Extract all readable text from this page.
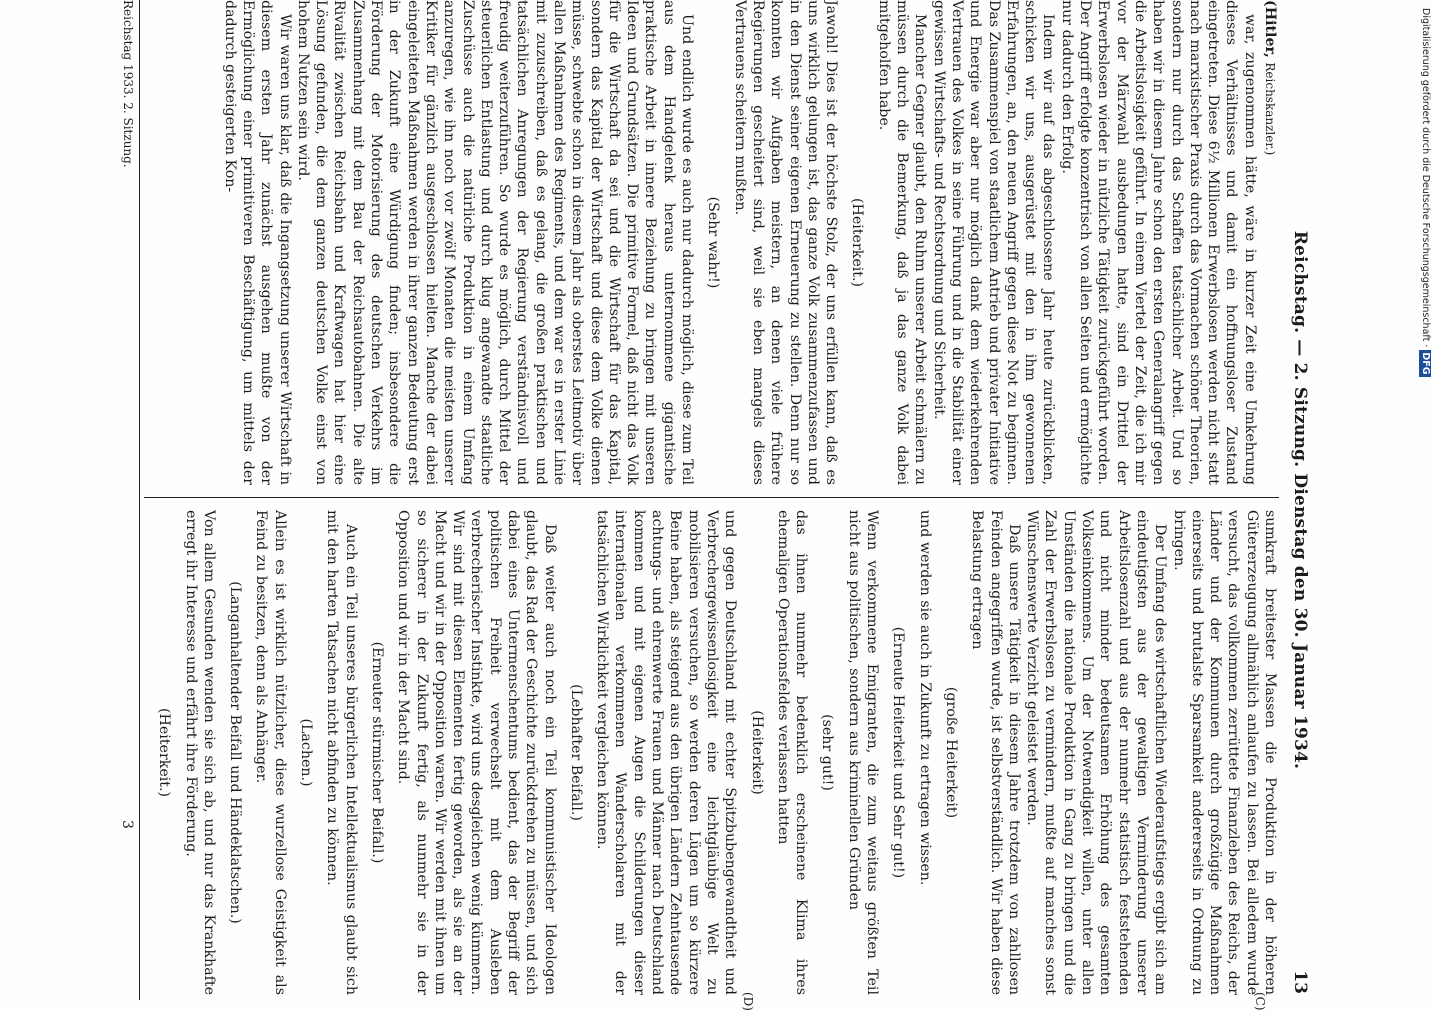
Reichstag. — 2. Sitzung. Dienstag den 30. Januar 1934.
13
(Hitler, Reichskanzler.)

war, zugenommen hätte, wäre in kurzer Zeit eine Umkehrung dieses Verhältnisses und damit ein hoffnungsloser Zustand eingetreten. Diese 6½ Millionen Erwerbslosen werden nicht statt nach marxistischer Praxis durch das Vormachen schöner Theorien, sondern nur durch das Schaffen tatsächlicher Arbeit. Und so haben wir in diesem Jahre schon den ersten Generalangriff gegen die Arbeitslosigkeit geführt. In einem Viertel der Zeit, die ich mir vor der Märzwahl ausbedungen hatte, sind ein Drittel der Erwerbslosen wieder in nützliche Tätigkeit zurückgeführt worden. Der Angriff erfolgte konzentrisch von allen Seiten und ermöglichte nur dadurch den Erfolg.

Indem wir auf das abgeschlossene Jahr heute zurückblicken, schicken wir uns, ausgerüstet mit den in ihm gewonnenen Erfahrungen, an, den neuen Angriff gegen diese Not zu beginnen. Das Zusammenspiel von staatlichem Antrieb und privater Initiative und Energie war aber nur möglich dank dem wiederkehrenden Vertrauen des Volkes in seine Führung und in die Stabilität einer gewissen Wirtschafts- und Rechtsordnung und Sicherheit.

Mancher Gegner glaubt, den Ruhm unserer Arbeit schmälern zu müssen durch die Bemerkung, daß ja das ganze Volk dabei mitgeholfen habe.

(Heiterkeit.)

Jawohl! Dies ist der höchste Stolz, der uns erfüllen kann, daß es uns wirklich gelungen ist, das ganze Volk zusammenzufassen und in den Dienst seiner eigenen Erneuerung zu stellen. Denn nur so konnten wir Aufgaben meistern, an denen viele frühere Regierungen gescheitert sind, weil sie eben mangels dieses Vertrauens scheitern mußten.

(Sehr wahr!)

Und endlich wurde es auch nur dadurch möglich, diese zum Teil aus dem Handgelenk heraus unternommene gigantische praktische Arbeit in innere Beziehung zu bringen mit unseren Ideen und Grundsätzen. Die primitive Formel, daß nicht das Volk für die Wirtschaft da sei und die Wirtschaft für das Kapital, sondern das Kapital der Wirtschaft und diese dem Volke dienen müsse, schwebte schon in diesem Jahr als oberstes Leitmotiv über allen Maßnahmen des Regiments, und dem war es in erster Linie mit zuzuschreiben, daß es gelang, die großen praktischen und tatsächlichen Anregungen der Regierung verständnisvoll und freudig weiterzuführen. So wurde es möglich, durch Mittel der steuerlichen Entlastung und durch klug angewandte staatliche Zuschüsse auch die natürliche Produktion in einem Umfang anzuregen, wie ihn noch vor zwölf Monaten die meisten unserer Kritiker für gänzlich ausgeschlossen hielten. Manche der dabei eingeleiteten Maßnahmen werden in ihrer ganzen Bedeutung erst in der Zukunft eine Würdigung finden; insbesondere die Förderung der Motorisierung des deutschen Verkehrs im Zusammenhang mit dem Bau der Reichsautobahnen. Die alte Rivalität zwischen Reichsbahn und Kraftwagen hat hier eine Lösung gefunden, die dem ganzen deutschen Volke einst von hohem Nutzen sein wird.

Wir waren uns klar, daß die Ingangsetzung unserer Wirtschaft in diesem ersten Jahr zunächst ausgehen mußte von der Ermöglichung einer primitiveren Beschäftigung, um mittels der dadurch gesteigerten Kon-

sumkraft breitester Massen die Produktion in der höheren Gütererzeugung allmählich anlaufen zu lassen. Bei alledem wurde versucht, das vollkommen zerrüttete Finanzleben des Reichs, der Länder und der Kommunen durch großzügige Maßnahmen einerseits und brutalste Sparsamkeit andererseits in Ordnung zu bringen.

Der Umfang des wirtschaftlichen Wiederaufstiegs ergibt sich am eindeutigsten aus der gewaltigen Verminderung unserer Arbeitslosenzahl und aus der nunmehr statistisch feststehenden und nicht minder bedeutsamen Erhöhung des gesamten Volkseinkommens. Um der Notwendigkeit willen, unter allen Umständen die nationale Produktion in Gang zu bringen und die Zahl der Erwerbslosen zu vermindern, mußte auf manches sonst Wünschenswerte Verzicht geleistet werden.

Daß unsere Tätigkeit in diesem Jahre trotzdem von zahllosen Feinden angegriffen wurde, ist selbstverständlich. Wir haben diese Belastung ertragen

(große Heiterkeit)

und werden sie auch in Zukunft zu ertragen wissen.

(Erneute Heiterkeit und Sehr gut!)

Wenn verkommene Emigranten, die zum weitaus größten Teil nicht aus politischen, sondern aus kriminellen Gründen

(sehr gut!)

das ihnen nunmehr bedenklich erscheinene Klima ihres ehemaligen Operationsfeldes verlassen hatten

(Heiterkeit)

und gegen Deutschland mit echter Spitzbubengewandtheit und Verbrechergewissenlosigkeit eine leichtgläubige Welt zu mobilisieren versuchen, so werden deren Lügen um so kürzere Beine haben, als steigend aus den übrigen Ländern Zehntausende achtungs- und ehrenwerte Frauen und Männer nach Deutschland kommen und mit eigenen Augen die Schilderungen dieser internationalen verkommenen Wanderscholaren mit der tatsächlichen Wirklichkeit vergleichen können.

(Lebhafter Beifall.)

Daß weiter auch noch ein Teil kommunistischer Ideologen glaubt, das Rad der Geschichte zurückdrehen zu müssen, und sich dabei eines Untermenschentums bedient, das der Begriff der politischen Freiheit verwechselt mit dem Ausleben verbrecherischer Instinkte, wird uns desgleichen wenig kümmern. Wir sind mit diesen Elementen fertig geworden, als sie an der Macht und wir in der Opposition waren. Wir werden mit ihnen um so sicherer in der Zukunft fertig, als nunmehr sie in der Opposition und wir in der Macht sind.

(Erneuter stürmischer Beifall.)

Auch ein Teil unseres bürgerlichen Intellektualismus glaubt sich mit den harten Tatsachen nicht abfinden zu können.

(Lachen.)

Allein es ist wirklich nützlicher, diese wurzellose Geistigkeit als Feind zu besitzen, denn als Anhänger.

(Langanhaltender Beifall und Händeklatschen.)

Von allem Gesunden wenden sie sich ab, und nur das Krankhafte erregt ihr Interesse und erfährt ihre Förderung.

(Heiterkeit.)

Reichstag 1933. 2. Sitzung.
3
(C)
(D)
Digitalisierung gefördert durch die Deutsche Forschungsgemeinschaft · DFG
